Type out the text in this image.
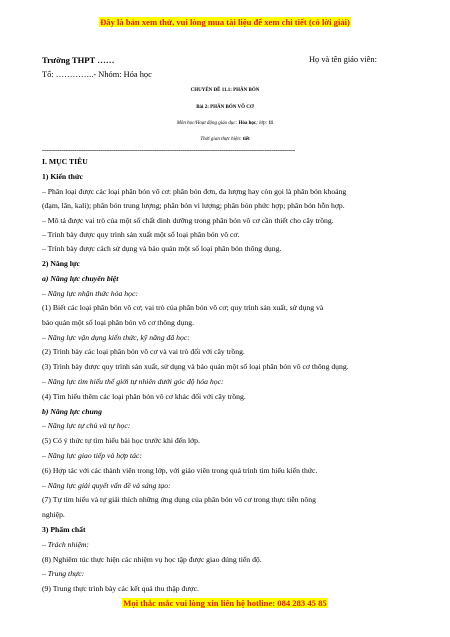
Đây là bản xem thử, vui lòng mua tài liệu để xem chi tiết (có lời giải)
Trường THPT ……	Họ và tên giáo viên:
Tổ: …………..- Nhóm: Hóa học
CHUYÊN ĐỀ 11.1: PHÂN BÓN
Bài 2: PHÂN BÓN VÔ CƠ
Môn học/Hoạt động giáo dục: Hóa học; lớp: 11
Thời gian thực hiện: tiết
---------------------------------------------------------------------------------------------------------------------
I. MỤC TIÊU
1) Kiến thức
– Phân loại được các loại phân bón vô cơ: phân bón đơn, đa lượng hay còn gọi là phân bón khoáng
(đạm, lân, kali); phân bón trung lượng; phân bón vi lượng; phân bón phức hợp; phân bón hỗn hợp.
– Mô tả được vai trò của một số chất dinh dưỡng trong phân bón vô cơ cần thiết cho cây trồng.
– Trình bày được quy trình sản xuất một số loại phân bón vô cơ.
– Trình bày được cách sử dụng và bảo quản một số loại phân bón thông dụng.
2) Năng lực
a) Năng lực chuyên biệt
– Năng lực nhận thức hóa học:
(1) Biết các loại phân bón vô cơ; vai trò của phân bón vô cơ; quy trình sản xuất, sử dụng và
bảo quản một số loại phân bón vô cơ thông dụng.
– Năng lực vận dụng kiến thức, kỹ năng đã học:
(2) Trình bày các loại phân bón vô cơ và vai trò đối với cây trồng.
(3) Trình bày được quy trình sản xuất, sử dụng và bảo quản một số loại phân bón vô cơ thông dụng.
– Năng lực tìm hiểu thế giới tự nhiên dưới góc độ hóa học:
(4) Tìm hiểu thêm các loại phân bón vô cơ khác đối với cây trồng.
b) Năng lực chung
– Năng lực tự chủ và tự học:
(5) Có ý thức tự tìm hiểu bài học trước khi đến lớp.
– Năng lực giao tiếp và hợp tác:
(6) Hợp tác với các thành viên trong lớp, với giáo viên trong quá trình tìm hiểu kiến thức.
– Năng lực giải quyết vấn đề và sáng tạo:
(7) Tự tìm hiểu và tự giải thích những ứng dụng của phân bón vô cơ trong thực tiễn nông
nghiệp.
3) Phẩm chất
– Trách nhiệm:
(8) Nghiêm túc thực hiện các nhiệm vụ học tập được giao đúng tiến độ.
– Trung thực:
(9) Trung thực trình bày các kết quả thu thập được.
Mọi thắc mắc vui lòng xin liên hệ hotline: 084 283 45 85
